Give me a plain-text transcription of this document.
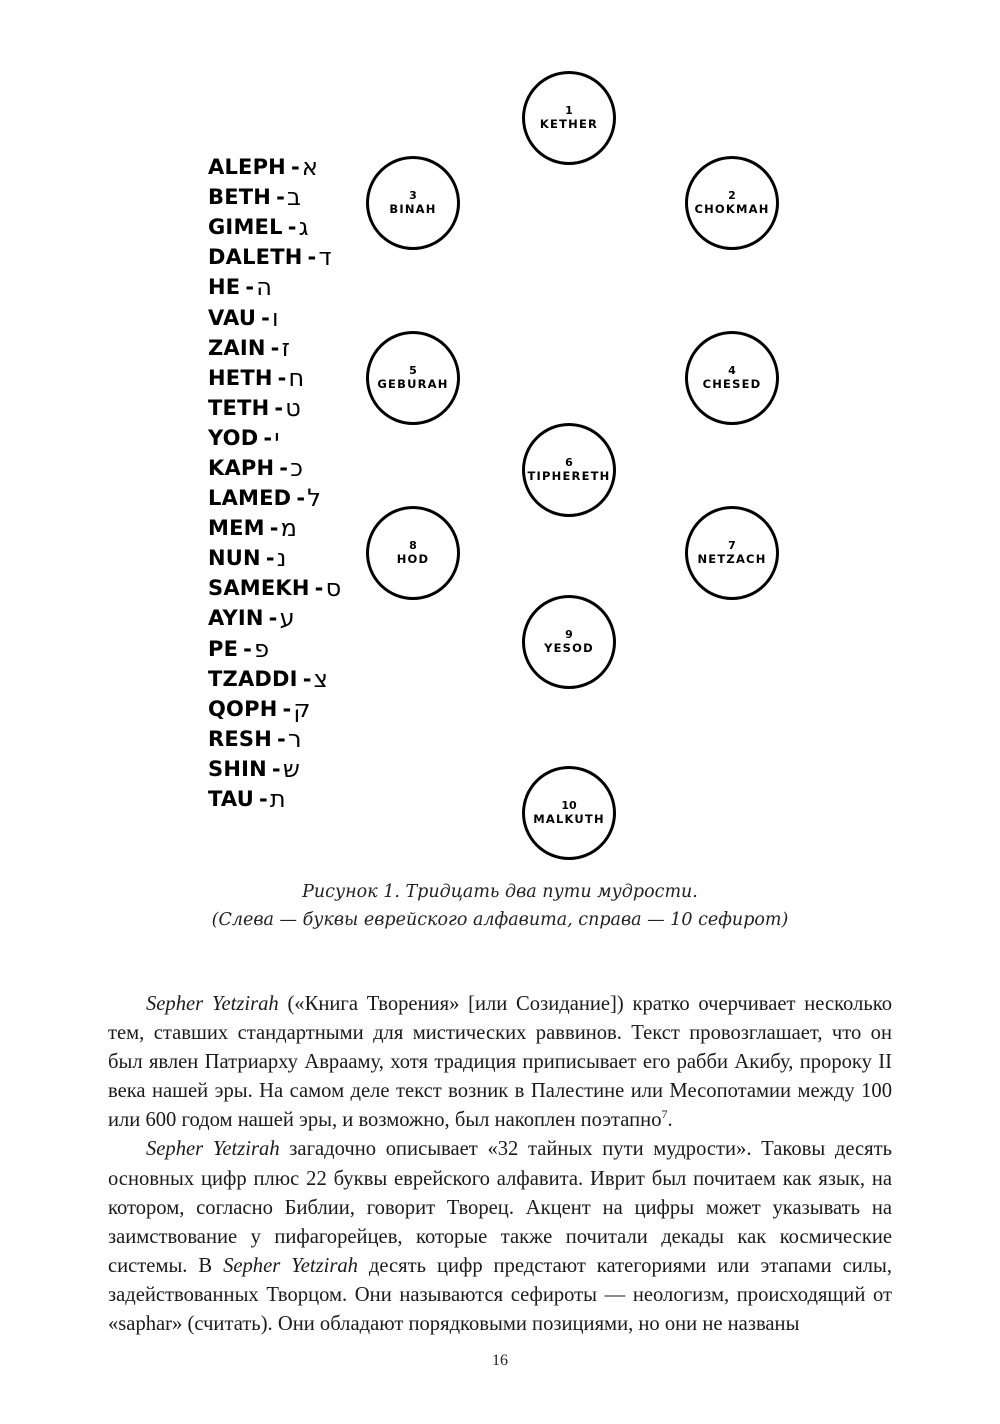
ALEPH - א
BETH - ב
GIMEL - ג
DALETH - ד
HE - ה
VAU - ו
ZAIN - ז
HETH - ח
TETH - ט
YOD - י
KAPH - כ
LAMED - ל
MEM - מ
NUN - נ
SAMEKH - ס
AYIN - ע
PE - פ
TZADDI - צ
QOPH - ק
RESH - ר
SHIN - ש
TAU - ת
1
KETHER
2
CHOKMAH
3
BINAH
4
CHESED
5
GEBURAH
6
TIPHERETH
7
NETZACH
8
HOD
9
YESOD
10
MALKUTH
Рисунок 1. Тридцать два пути мудрости.
(Слева — буквы еврейского алфавита, справа — 10 сефирот)

Sepher Yetzirah («Книга Творения» [или Созидание]) кратко очерчивает несколько тем, ставших стандартными для мистических раввинов. Текст провозглашает, что он был явлен Патриарху Аврааму, хотя традиция приписывает его рабби Акибу, пророку II века нашей эры. На самом деле текст возник в Палестине или Месопотамии между 100 или 600 годом нашей эры, и возможно, был накоплен поэтапно$^7$.

Sepher Yetzirah загадочно описывает «32 тайных пути мудрости». Таковы десять основных цифр плюс 22 буквы еврейского алфавита. Иврит был почитаем как язык, на котором, согласно Библии, говорит Творец. Акцент на цифры может указывать на заимствование у пифагорейцев, которые также почитали декады как космические системы. В Sepher Yetzirah десять цифр предстают категориями или этапами силы, задействованных Творцом. Они называются сефироты — неологизм, происходящий от «saphar» (считать). Они обладают порядковыми позициями, но они не названы

16
